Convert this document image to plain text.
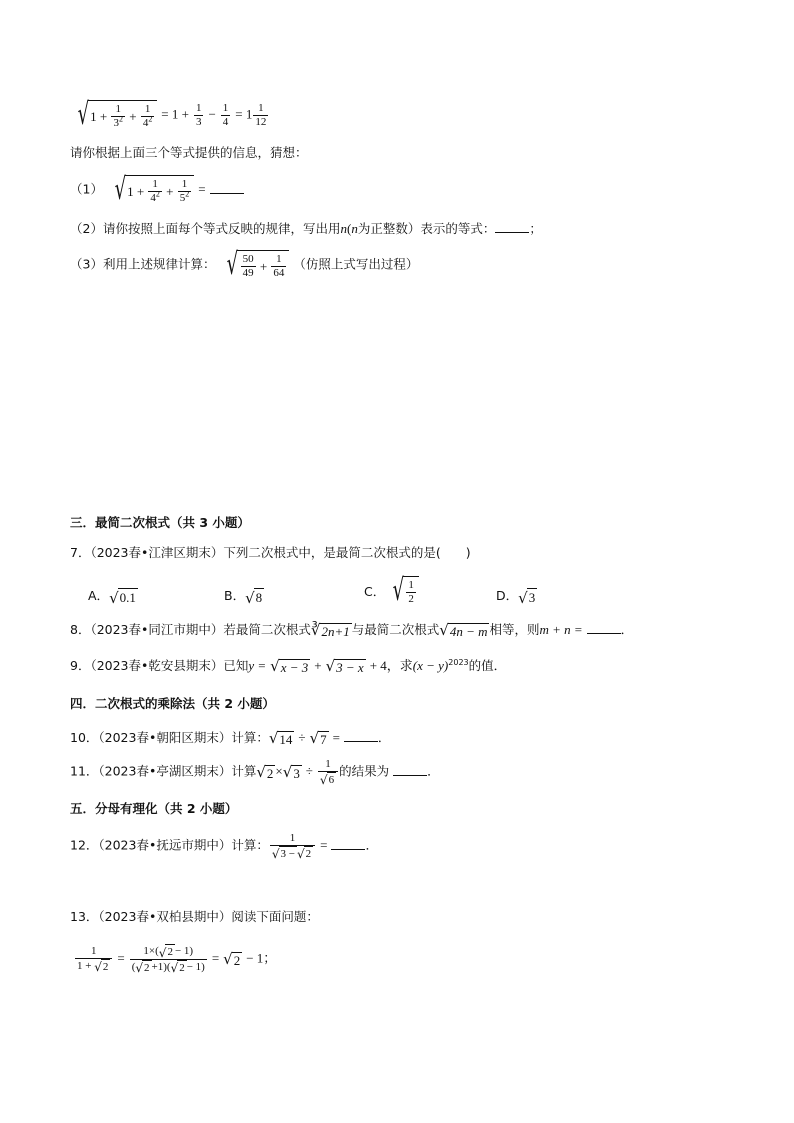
√ $1 + \frac{1}{3^2} + \frac{1}{4^2} = 1 + \frac{1}{3} - \frac{1}{4} = 1 \frac{1}{12}$
请你根据上面三个等式提供的信息，猜想：
（1） √ $1 + \frac{1}{4^2} + \frac{1}{5^2}$ =
（2）请你按照上面每个等式反映的规律，写出用n(n为正整数）表示的等式：	；
（3）利用上述规律计算： √ $\frac{50}{49} + \frac{1}{64}$ （仿照上式写出过程）
三．最简二次根式（共 3 小题）
7．（2023春•江津区期末）下列二次根式中，是最简二次根式的是(　　)
A． √ 0.1	B． √ 8	C． √ $\frac{1}{2}$	D． √ 3
8．（2023春•同江市期中）若最简二次根式 ∛ 2n+1 与最简二次根式 √ 4n − m 相等，则m + n =	．
9．（2023春•乾安县期末）已知y = √ x − 3 + √ 3 − x + 4，求$(x - y)^{2023}$的值．
四．二次根式的乘除法（共 2 小题）
10．（2023春•朝阳区期末）计算： √ 14 ÷ √ 7 =	．
11．（2023春•亭湖区期末）计算 √ 2 × √ $3 \div \frac{1}{√ 6}$ 的结果为	．
五．分母有理化（共 2 小题）
12．（2023春•抚远市期中）计算： $\frac{1}{√ 3 - √ 2}$ =	．
13．（2023春•双柏县期中）阅读下面问题：
$\frac{1}{1 + √ 2} = \frac{1\times( √ 2 - 1)}{( √ 2 +1)( √ 2 - 1)}$ = √ 2 − 1；
